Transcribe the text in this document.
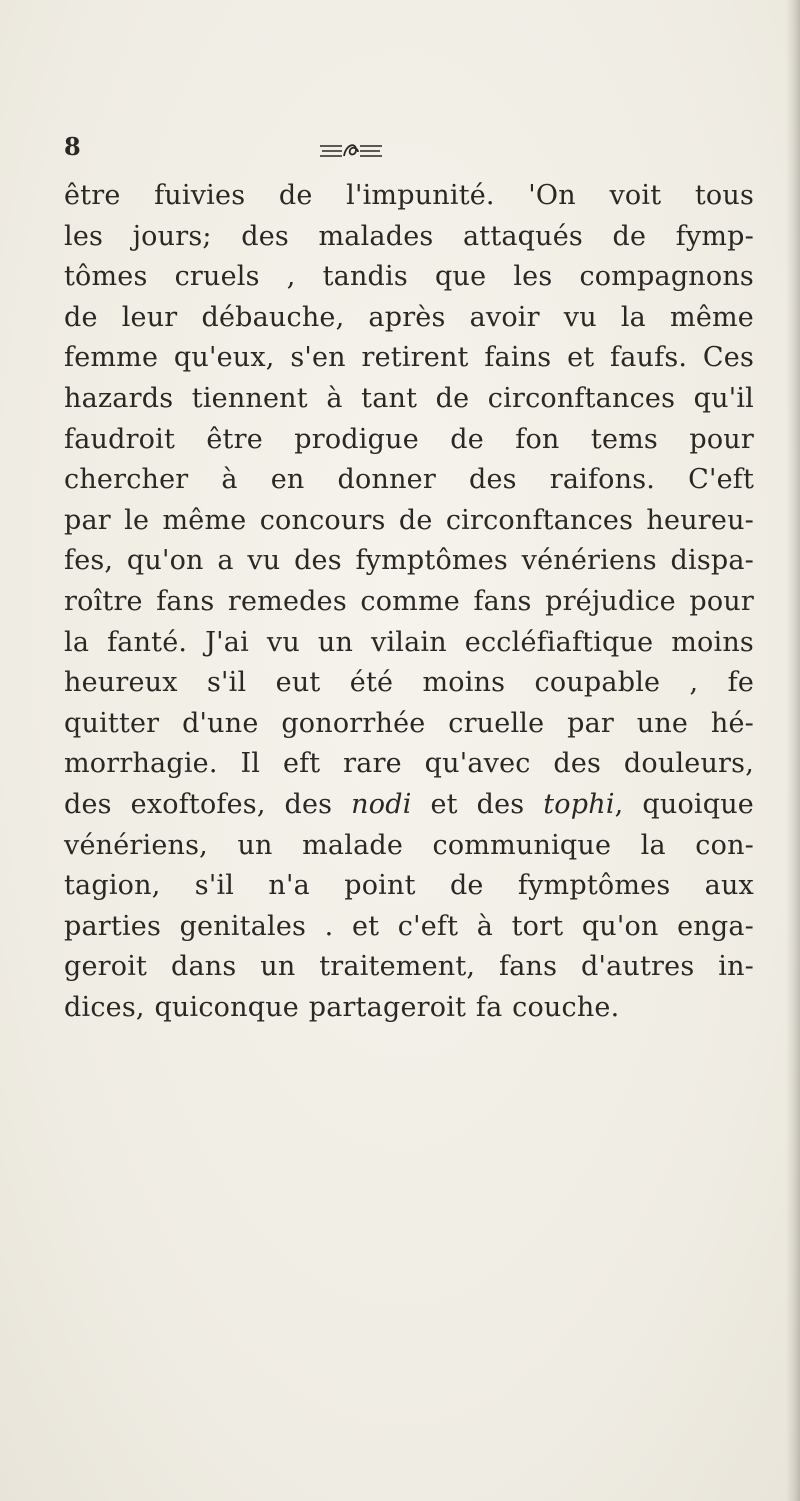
8
être fuivies de l'impunité. 'On voit tous
les jours; des malades attaqués de fymp-
tômes cruels , tandis que les compagnons
de leur débauche, après avoir vu la même
femme qu'eux, s'en retirent fains et faufs. Ces
hazards tiennent à tant de circonftances qu'il
faudroit être prodigue de fon tems pour
chercher à en donner des raifons. C'eft
par le même concours de circonftances heureu-
fes, qu'on a vu des fymptômes vénériens dispa-
roître fans remedes comme fans préjudice pour
la fanté. J'ai vu un vilain eccléfiaftique moins
heureux s'il eut été moins coupable , fe
quitter d'une gonorrhée cruelle par une hé-
morrhagie. Il eft rare qu'avec des douleurs,
des exoftofes, des nodi et des tophi, quoique
vénériens, un malade communique la con-
tagion, s'il n'a point de fymptômes aux
parties genitales . et c'eft à tort qu'on enga-
geroit dans un traitement, fans d'autres in-
dices, quiconque partageroit fa couche.
